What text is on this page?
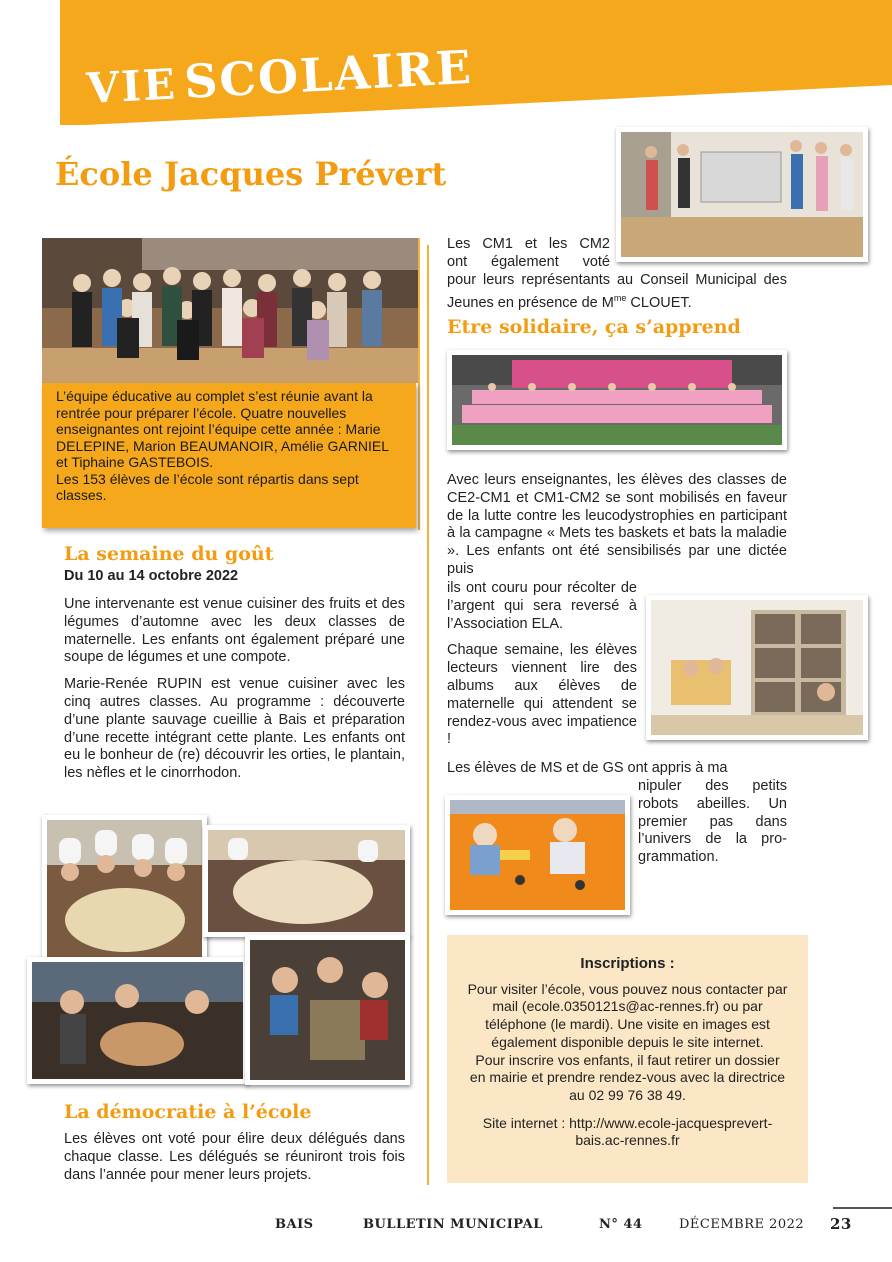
VIE SCOLAIRE
École Jacques Prévert
L’équipe éducative au complet s’est réunie avant la rentrée pour préparer l’école. Quatre nouvelles enseignantes ont rejoint l’équipe cette année : Marie DELEPINE, Marion BEAUMANOIR, Amélie GARNIEL et Tiphaine GASTEBOIS.
Les 153 élèves de l’école sont répartis dans sept classes.
La semaine du goût
Du 10 au 14 octobre 2022

Une intervenante est venue cuisiner des fruits et des légumes d’automne avec les deux classes de maternelle. Les enfants ont également préparé une soupe de légumes et une compote.

Marie-Renée RUPIN est venue cuisiner avec les cinq autres classes. Au programme : découverte d’une plante sauvage cueillie à Bais et préparation d’une recette intégrant cette plante. Les enfants ont eu le bonheur de (re) découvrir les orties, le plantain, les nèfles et le cinorrhodon.

La démocratie à l’école

Les élèves ont voté pour élire deux délégués dans chaque classe. Les délégués se réuniront trois fois dans l’année pour mener leurs projets.

Les CM1 et les CM2
ont également voté
pour leurs représentants au Conseil Municipal des Jeunes en présence de $M^{me}$ CLOUET.
Etre solidaire, ça s’apprend
Avec leurs enseignantes, les élèves des classes de CE2-CM1 et CM1-CM2 se sont mobilisés en faveur de la lutte contre les leucodystrophies en participant à la campagne « Mets tes baskets et bats la maladie ». Les enfants ont été sensibilisés par une dictée puis

ils ont couru pour récolter de l’argent qui sera reversé à l’Association ELA.

Chaque semaine, les élèves lecteurs viennent lire des albums aux élèves de maternelle qui attendent se rendez-vous avec impatience !

Les élèves de MS et de GS ont appris à ma
nipuler des petits robots abeilles. Un premier pas dans l’univers de la programmation.
Inscriptions :
Pour visiter l’école, vous pouvez nous contacter par mail (ecole.0350121s@ac-rennes.fr) ou par téléphone (le mardi). Une visite en images est également disponible depuis le site internet.
Pour inscrire vos enfants, il faut retirer un dossier en mairie et prendre rendez-vous avec la directrice au 02 99 76 38 49.
Site internet : http://www.ecole-jacquesprevert-bais.ac-rennes.fr
BAIS	BULLETIN MUNICIPAL	N° 44	DÉCEMBRE 2022 23
